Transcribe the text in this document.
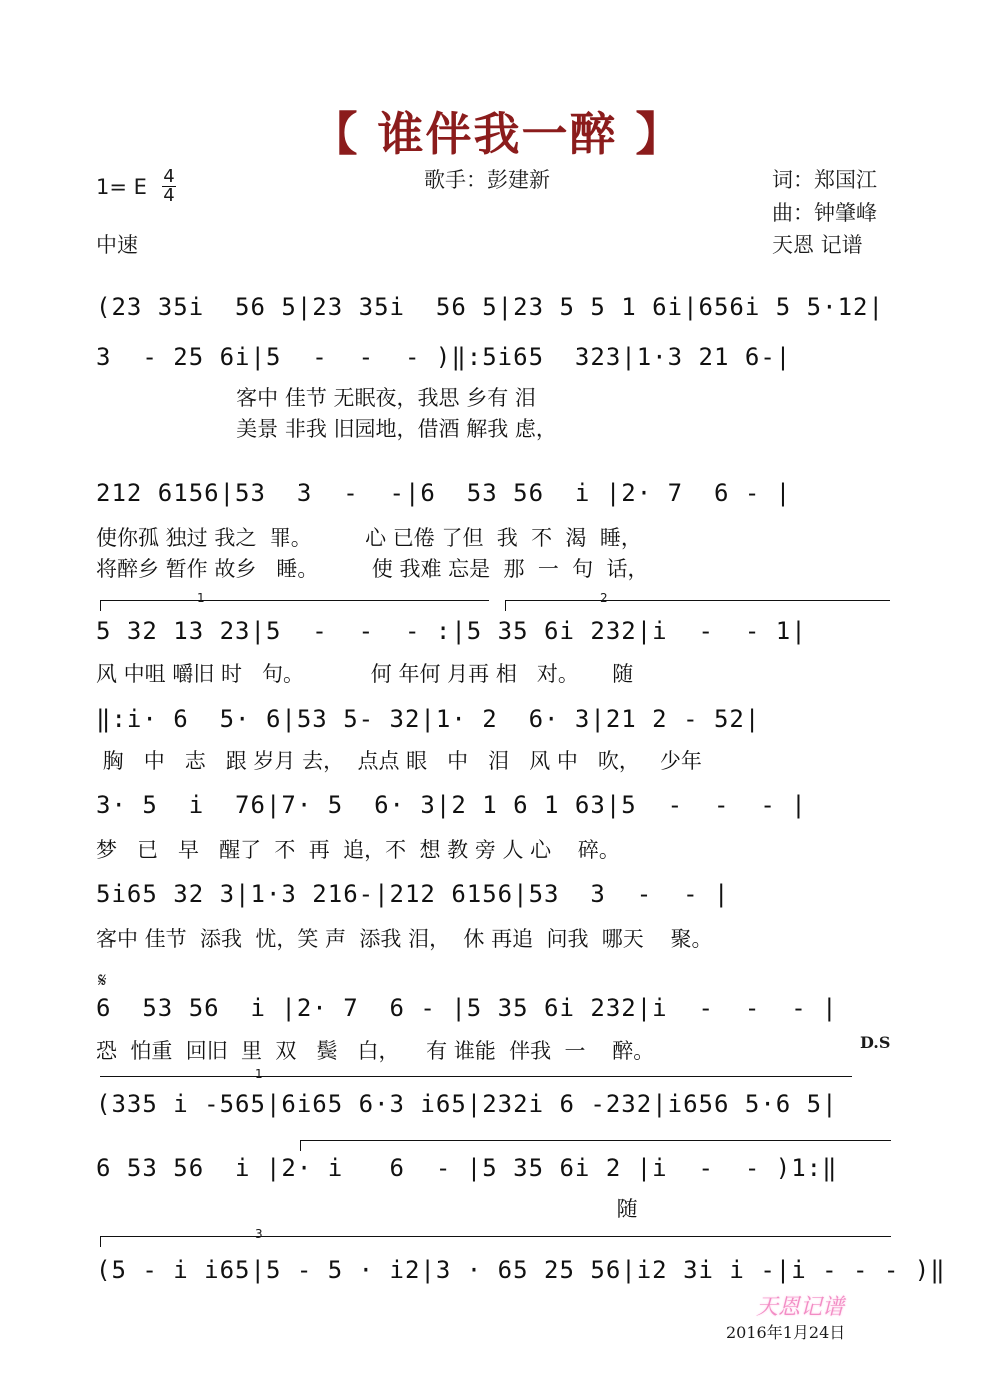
【 谁伴我一醉 】
1= E 4
4
歌手：彭建新	词：郑国江
曲：钟肇峰
天恩 记谱
中速
(23 35i  56 5|23 35i  56 5|23 5 5 1 6i|656i 5 5·12|
3  - 25 6i|5  -  -  - )‖:5i65  323|1·3 21 6-|
客中 佳节 无眠夜，我思 乡有 泪
美景 非我 旧园地，借酒 解我 虑，
212 6156|53  3  -  -|6  53 56  i |2· 7  6 - |
使你孤 独过 我之  罪。        心 已倦 了但  我  不  渴  睡，
将醉乡 暂作 故乡   睡。        使 我难 忘是  那  一  句  话，
1	2
5 32 13 23|5  -  -  - :|5 35 6i 232|i  -  - 1|
风 中咀 嚼旧 时   句。          何 年何 月再 相   对。     随
‖:i· 6  5· 6|53 5- 32|1· 2  6· 3|21 2 - 52|
胸   中   志   跟 岁月 去，  点点 眼   中   泪   风 中   吹，   少年
3· 5  i  76|7· 5  6· 3|2 1 6 1 63|5  -  -  - |
梦   已   早   醒了  不  再  追，不  想 教 旁 人 心    碎。
5i65 32 3|1·3 216-|212 6156|53  3  -  - |
客中 佳节  添我  忧，笑 声  添我 泪，  休 再追  问我  哪天    聚。
𝄋
6  53 56  i |2· 7  6 - |5 35 6i 232|i  -  -  - |
恐  怕重  回旧  里  双   鬓   白，    有 谁能  伴我  一    醉。	D.S
1
(335 i -565|6i65 6·3 i65|232i 6 -232|i656 5·6 5|
6 53 56  i |2· i   6  - |5 35 6i 2 |i  -  - )1:‖
随
3
(5 - i i65|5 - 5 · i2|3 · 65 25 56|i2 3i i -|i - - - )‖
天恩记谱
2016年1月24日
